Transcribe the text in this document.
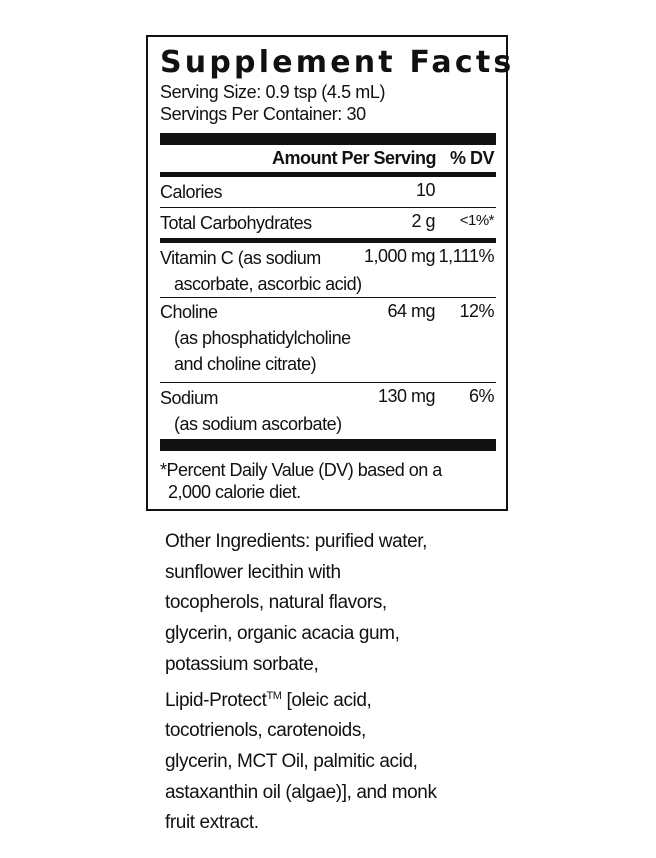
Supplement Facts
Serving Size: 0.9 tsp (4.5 mL)
Servings Per Container: 30
Amount Per Serving % DV
Calories	10
Total Carbohydrates	2 g <1%*
Vitamin C (as sodium
ascorbate, ascorbic acid)
1,000 mg 1,111%
Choline
(as phosphatidylcholine
and choline citrate)
64 mg 12%
Sodium
(as sodium ascorbate)
130 mg 6%
*Percent Daily Value (DV) based on a
2,000 calorie diet.
Other Ingredients: purified water,
sunflower lecithin with
tocopherols, natural flavors,
glycerin, organic acacia gum,
potassium sorbate,
Lipid-Protect™ [oleic acid,
tocotrienols, carotenoids,
glycerin, MCT Oil, palmitic acid,
astaxanthin oil (algae)], and monk
fruit extract.
